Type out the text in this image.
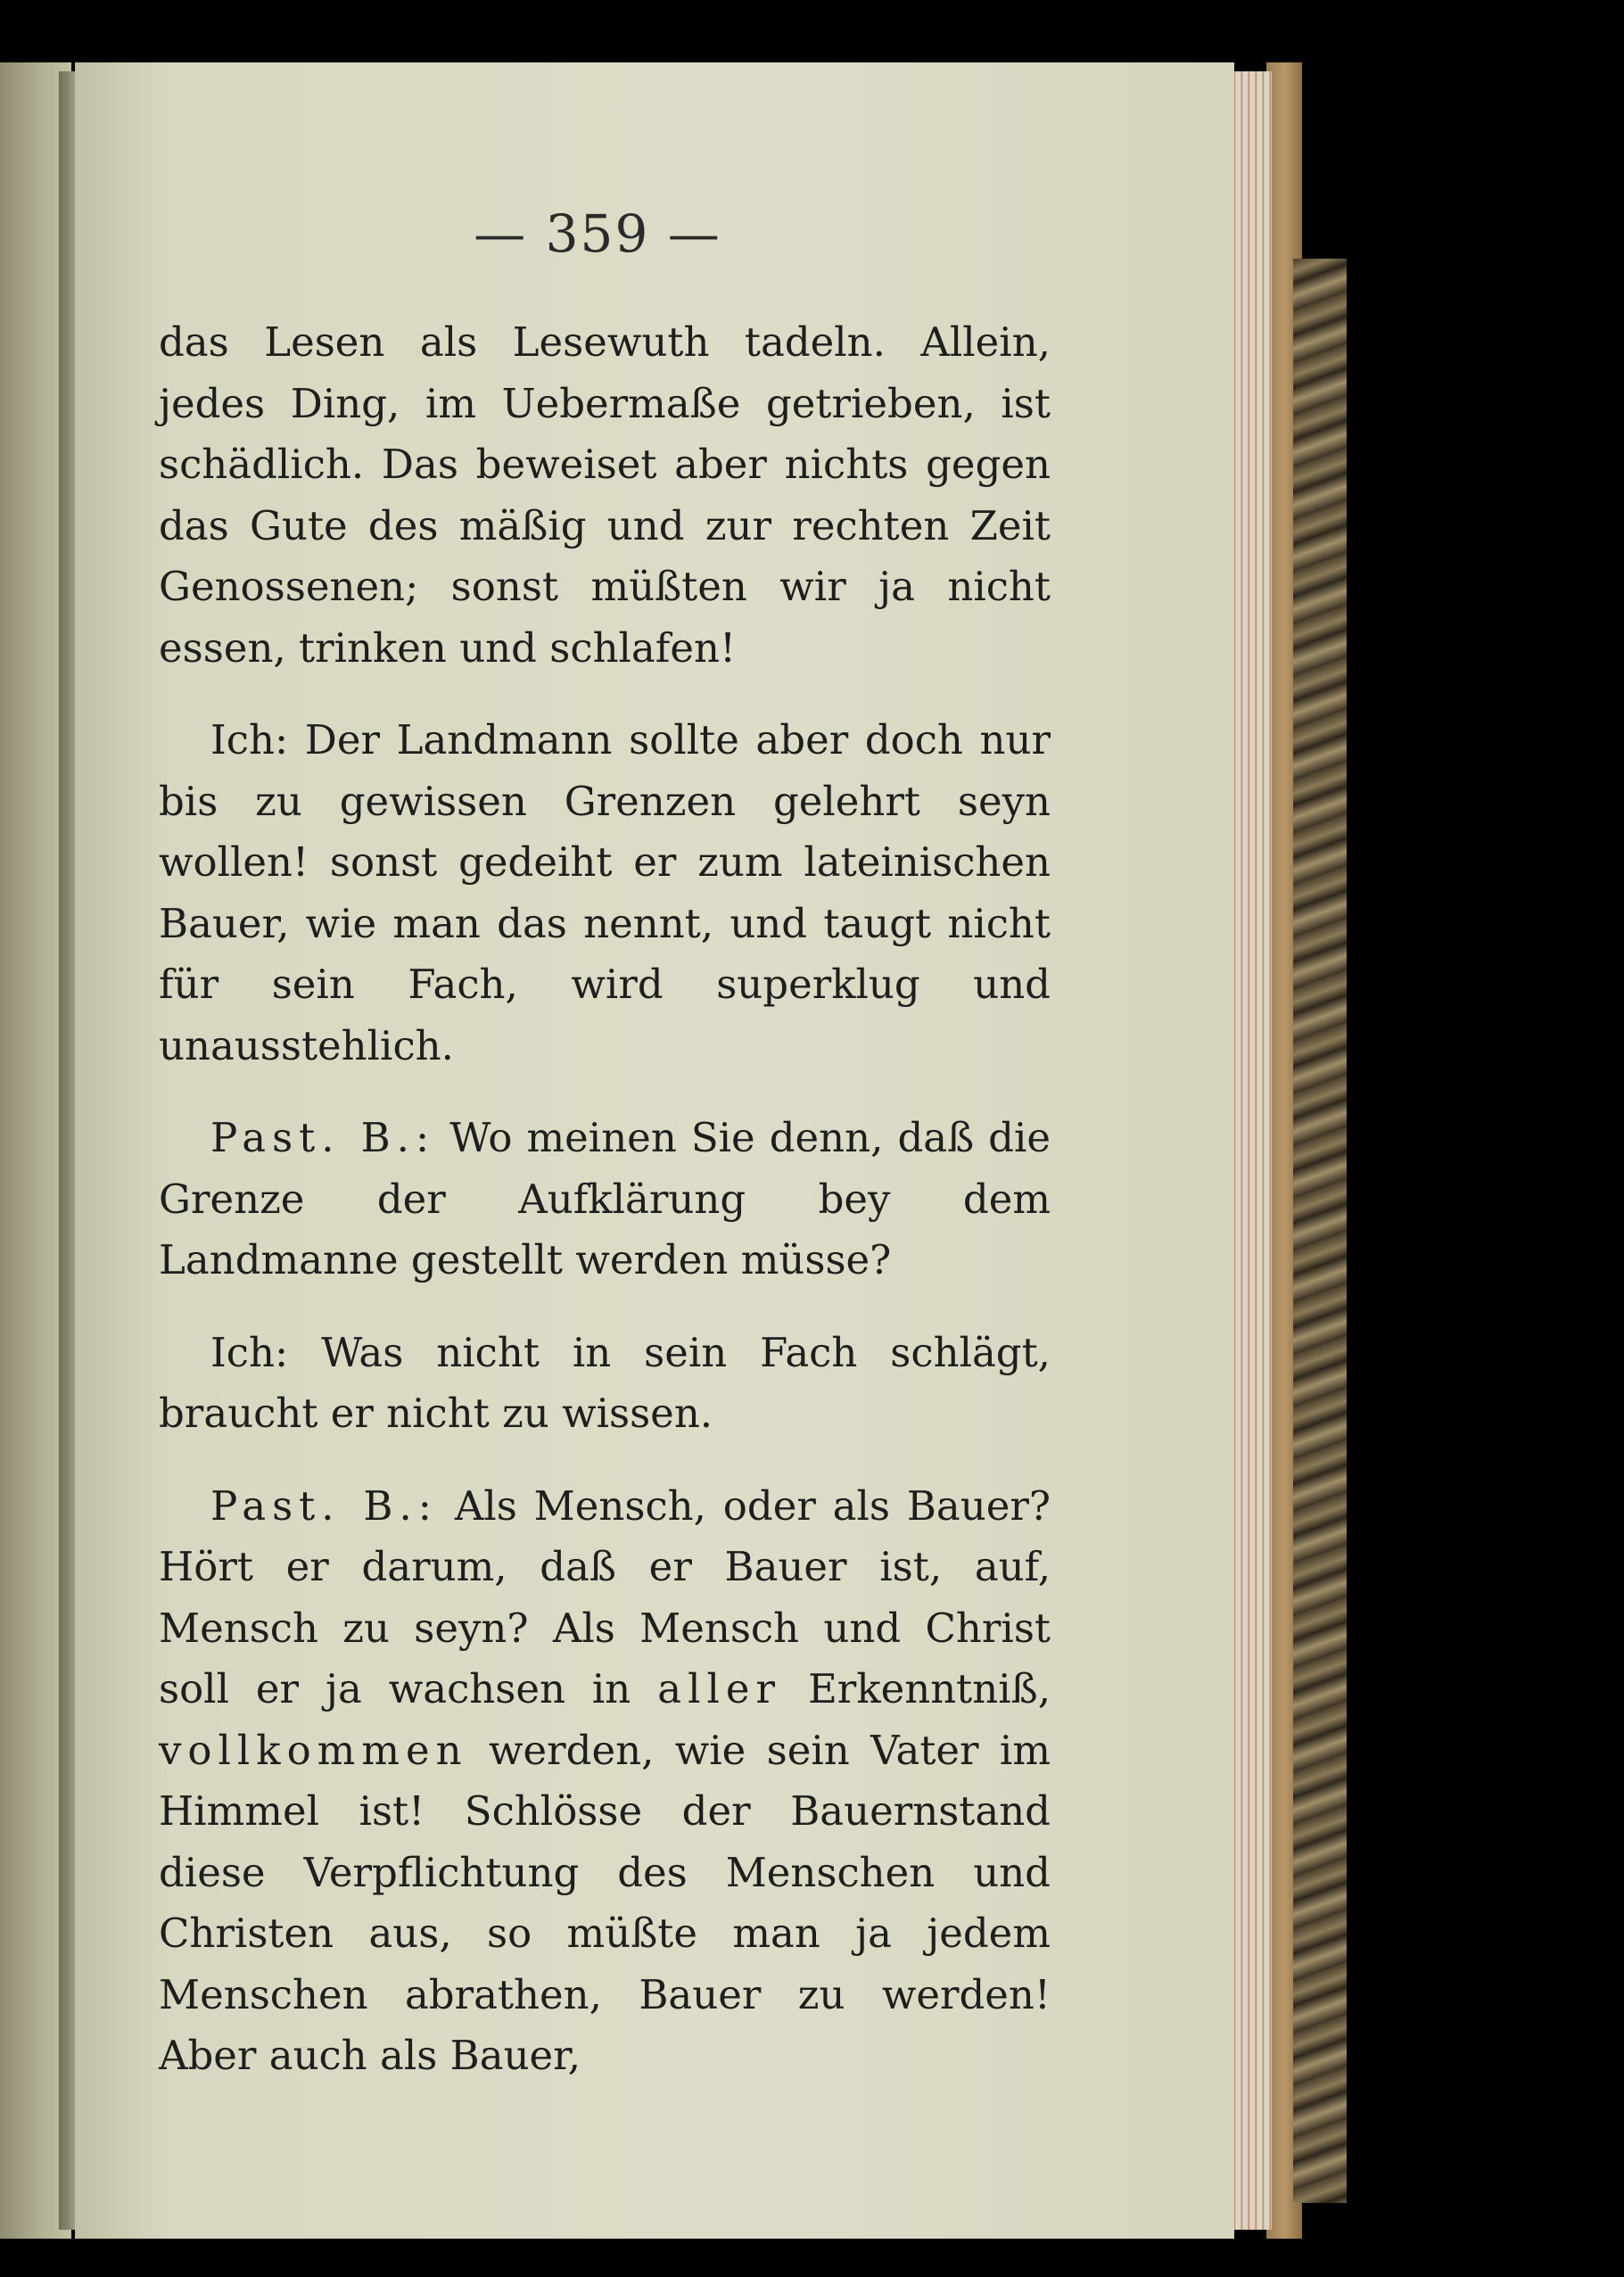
— 359 —

das Lesen als Lesewuth tadeln. Allein, jedes Ding, im Uebermaße getrieben, ist schädlich. Das beweiset aber nichts gegen das Gute des mäßig und zur rechten Zeit Genossenen; sonst müßten wir ja nicht essen, trinken und schlafen!

Ich: Der Landmann sollte aber doch nur bis zu gewissen Grenzen gelehrt seyn wollen! sonst gedeiht er zum lateinischen Bauer, wie man das nennt, und taugt nicht für sein Fach, wird superklug und unausstehlich.

Past. B.: Wo meinen Sie denn, daß die Grenze der Aufklärung bey dem Landmanne gestellt werden müsse?

Ich: Was nicht in sein Fach schlägt, braucht er nicht zu wissen.

Past. B.: Als Mensch, oder als Bauer? Hört er darum, daß er Bauer ist, auf, Mensch zu seyn? Als Mensch und Christ soll er ja wachsen in aller Erkenntniß, vollkommen werden, wie sein Vater im Himmel ist! Schlösse der Bauernstand diese Verpflichtung des Menschen und Christen aus, so müßte man ja jedem Menschen abrathen, Bauer zu werden! Aber auch als Bauer,
